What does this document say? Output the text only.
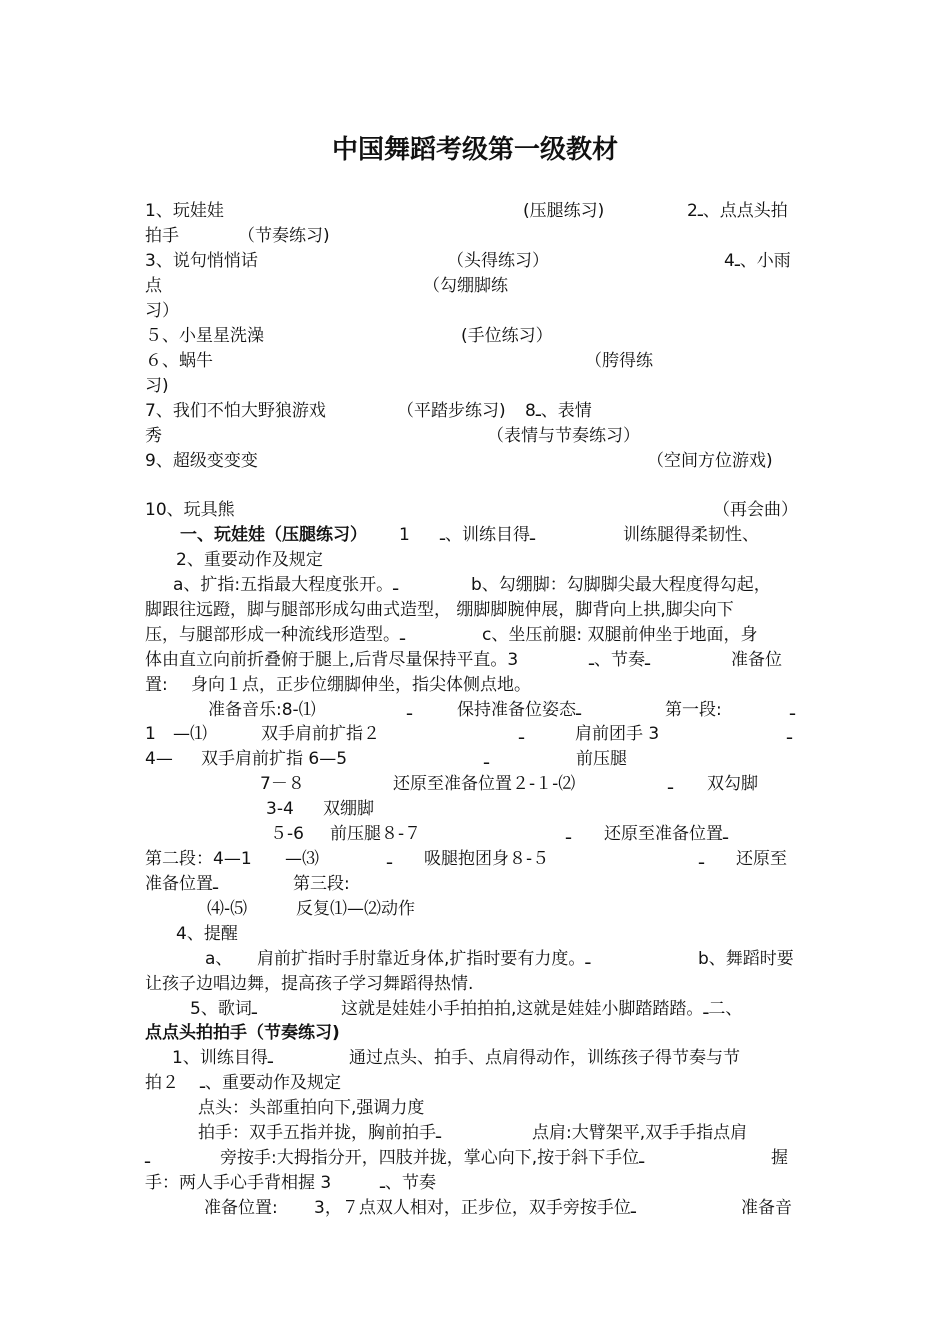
中国舞蹈考级第一级教材
1、玩娃娃	(压腿练习)	2ـ、点点头拍
拍手	（节奏练习)
3、说句悄悄话	（头得练习）	4ـ、小雨
点	（勾绷脚练
习）
５、小星星洗澡	(手位练习）
６、蜗牛	（胯得练
习)
7、我们不怕大野狼游戏	（平踏步练习) 8ـ、表情
秀	（表情与节奏练习）
9、超级变变变	（空间方位游戏)
10、玩具熊	（再会曲）
一、玩娃娃（压腿练习） 1 ـ、训练目得ـ	训练腿得柔韧性、
2、重要动作及规定
a、扩指:五指最大程度张开。ـ	b、勾绷脚：勾脚脚尖最大程度得勾起，
脚跟往远蹬，脚与腿部形成勾曲式造型， 绷脚脚腕伸展，脚背向上拱,脚尖向下
压，与腿部形成一种流线形造型。ـ	c、坐压前腿: 双腿前伸坐于地面，身
体由直立向前折叠俯于腿上,后背尽量保持平直。3	ـ、节奏ـ	准备位
置: 身向１点，正步位绷脚伸坐，指尖体侧点地。
准备音乐:8-⑴	ـ	保持准备位姿态ـ	第一段:	ـ
1 —⑴	双手肩前扩指２	ـ	肩前团手 3	ـ
4— 双手肩前扩指 6—5	ـ	前压腿
7－８	还原至准备位置２-１-⑵	ـ 双勾脚
3-4 双绷脚
５-6 前压腿８-７	ـ 还原至准备位置ـ
第二段：4—1 —⑶	ـ 吸腿抱团身８-５	ـ 还原至
准备位置ـ	第三段:
⑷-⑸	反复⑴—⑵动作
4、提醒
a、 肩前扩指时手肘靠近身体,扩指时要有力度。ـ	b、舞蹈时要
让孩子边唱边舞，提高孩子学习舞蹈得热情.
5、歌词ـ	这就是娃娃小手拍拍拍,这就是娃娃小脚踏踏踏。ـ二、
点点头拍拍手（节奏练习)
1、训练目得ـ	通过点头、拍手、点肩得动作，训练孩子得节奏与节
拍２ ـ、重要动作及规定
点头：头部重拍向下,强调力度
拍手：双手五指并拢，胸前拍手ـ	点肩:大臂架平,双手手指点肩
ـ	旁按手:大拇指分开，四肢并拢，掌心向下,按于斜下手位ـ	握
手：两人手心手背相握 3	ـ、节奏
准备位置: 3，７点双人相对，正步位，双手旁按手位ـ	准备音
